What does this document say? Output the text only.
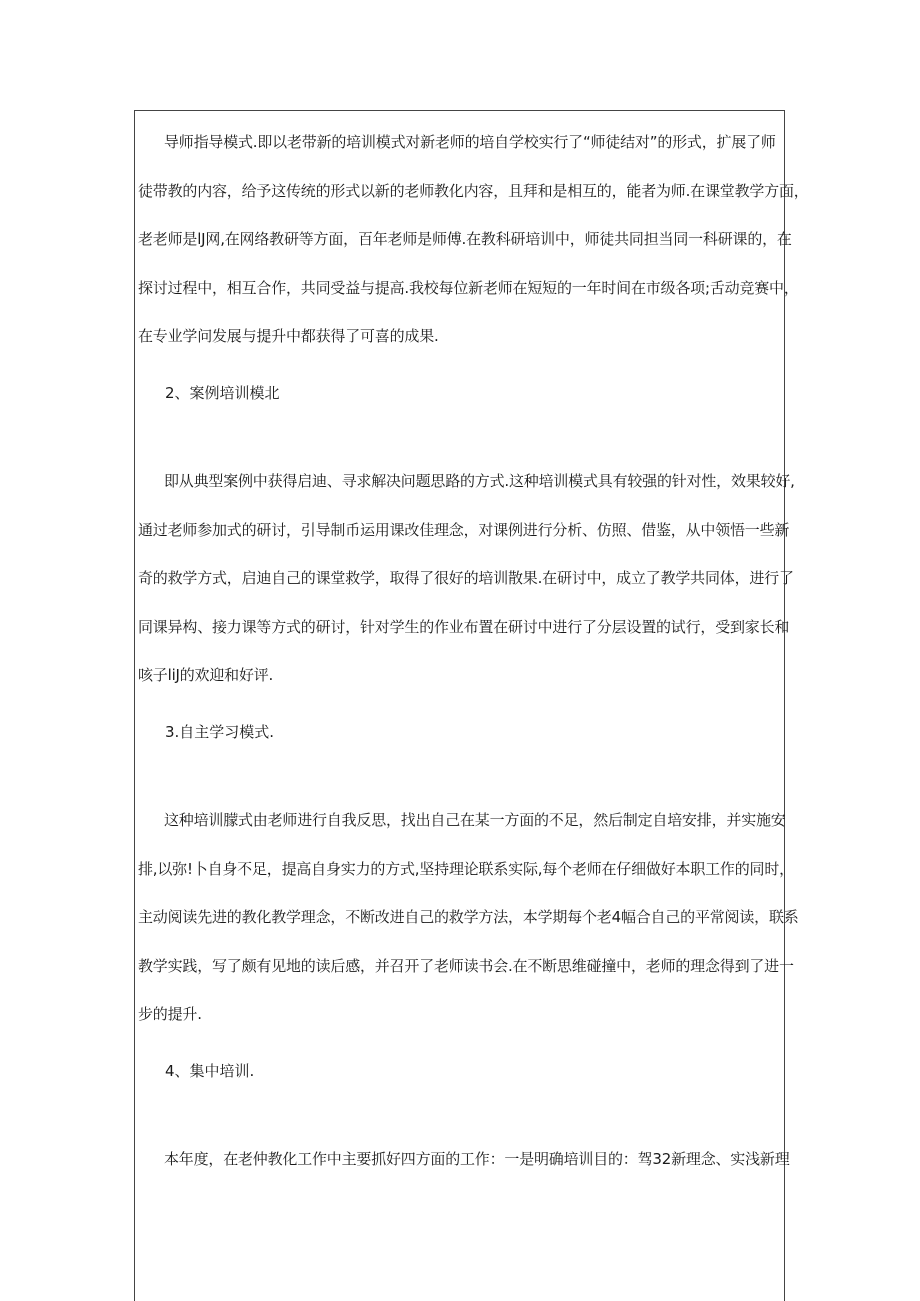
导师指导模式.即以老带新的培训模式对新老师的培自学校实行了“师徒结对”的形式，扩展了师
徒带教的内容，给予这传统的形式以新的老师教化内容，且拜和是相互的，能者为师.在课堂教学方面，
老老师是lJ网,在网络教研等方面，百年老师是师傅.在教科研培训中，师徒共同担当同一科研课的，在
探讨过程中，相互合作，共同受益与提高.我校每位新老师在短短的一年时间在市级各项;舌动竞赛中，
在专业学问发展与提升中都获得了可喜的成果.
2、案例培训模北
即从典型案例中获得启迪、寻求解决问题思路的方式.这种培训模式具有较强的针对性，效果较好,
通过老师参加式的研讨，引导制币运用课改佳理念，对课例进行分析、仿照、借鉴，从中领悟一些新
奇的救学方式，启迪自己的课堂救学，取得了很好的培训散果.在研讨中，成立了教学共同体，进行了
同课异构、接力课等方式的研讨，针对学生的作业布置在研讨中进行了分层设置的试行，受到家长和
咳子liJ的欢迎和好评.
3.自主学习模式.
这种培训朦式由老师进行自我反思，找出自己在某一方面的不足，然后制定自培安排，并实施安
排,以弥!卜自身不足，提高自身实力的方式,坚持理论联系实际,每个老师在仔细做好本职工作的同时，
主动阅读先进的教化教学理念，不断改进自己的救学方法，本学期每个老4幅合自己的平常阅读，联系
教学实践，写了颇有见地的读后感，并召开了老师读书会.在不断思维碰撞中，老师的理念得到了进一
步的提升.
4、集中培训.
本年度，在老仲教化工作中主要抓好四方面的工作：一是明确培训目的：驾32新理念、实浅新理
